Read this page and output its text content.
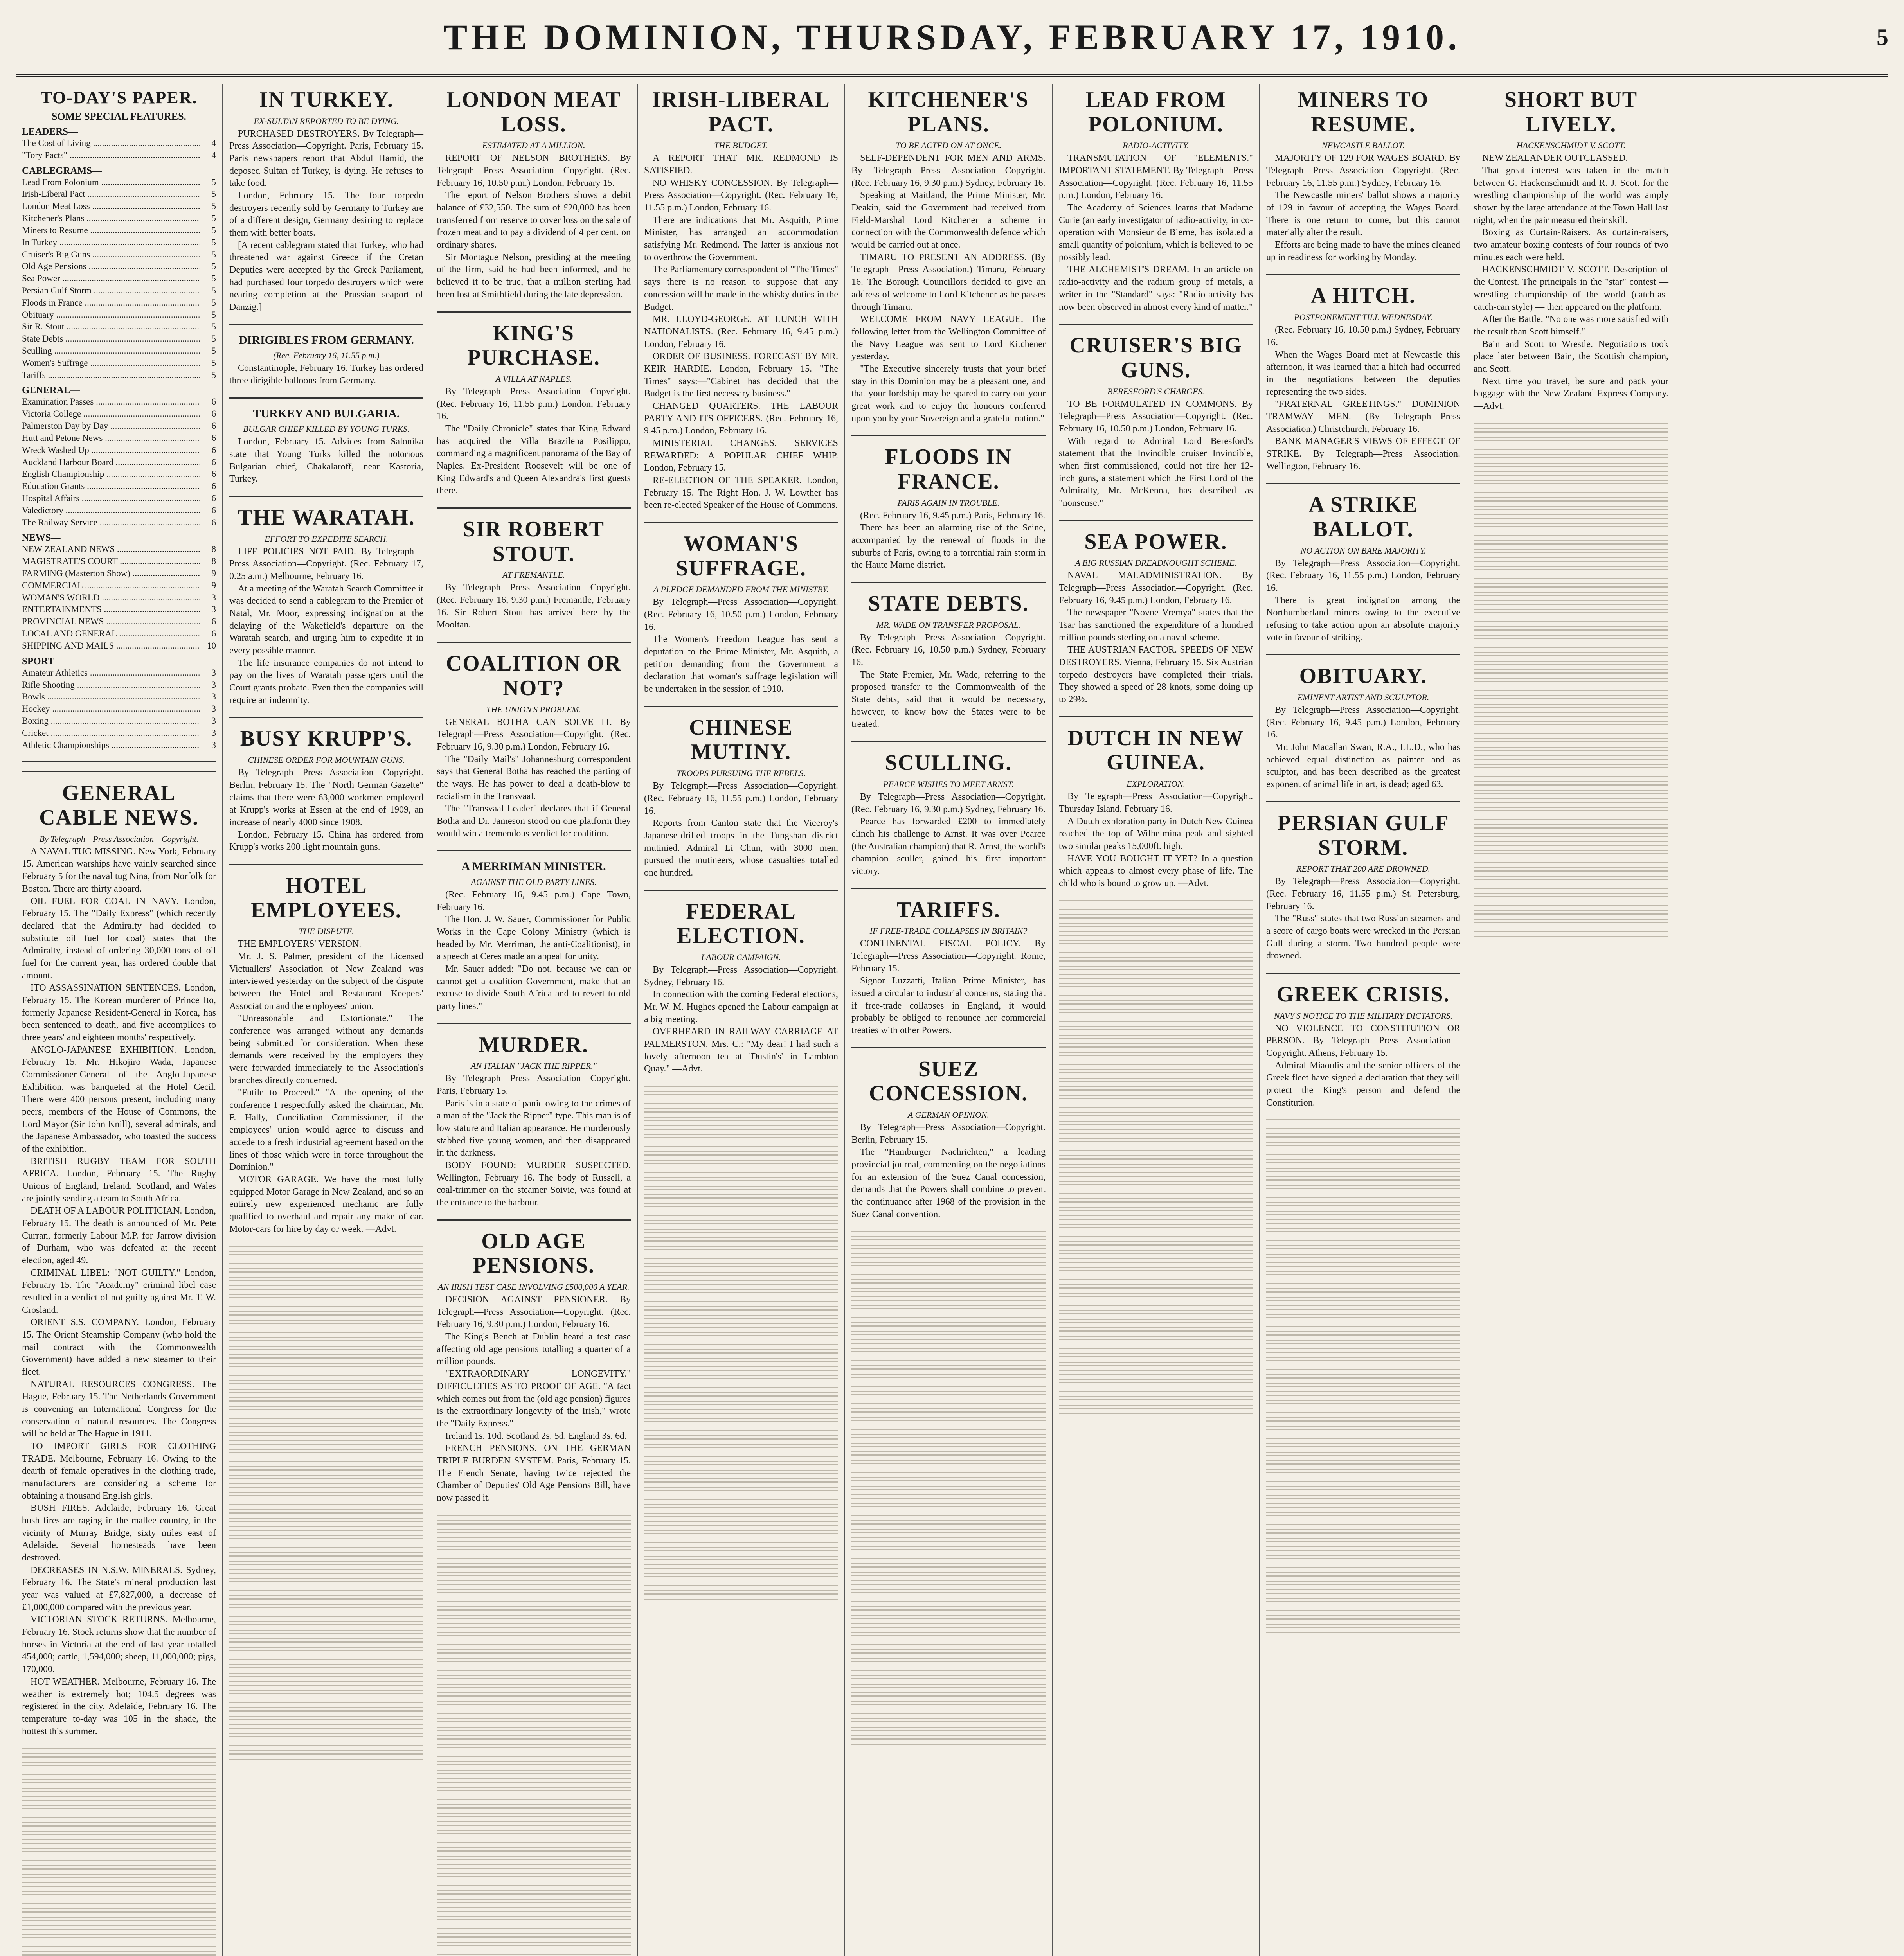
THE DOMINION, THURSDAY, FEBRUARY 17, 1910.	5
TO-DAY'S PAPER.
SOME SPECIAL FEATURES.
LEADERS—
The Cost of Living .....	4
"Tory Pacts" .....	4
CABLEGRAMS—
Lead From Polonium .....	5
Irish-Liberal Pact .....	5
London Meat Loss .....	5
Kitchener's Plans .....	5
Miners to Resume .....	5
In Turkey .....	5
Cruiser's Big Guns .....	5
Old Age Pensions .....	5
Sea Power .....	5
Persian Gulf Storm .....	5
Floods in France .....	5
Obituary .....	5
Sir R. Stout .....	5
State Debts .....	5
Sculling .....	5
Women's Suffrage .....	5
Tariffs .....	5
GENERAL—
Examination Passes .....	6
Victoria College .....	6
Palmerston Day by Day .....	6
Hutt and Petone News .....	6
Wreck Washed Up .....	6
Auckland Harbour Board .....	6
English Championship .....	6
Education Grants .....	6
Hospital Affairs .....	6
Valedictory .....	6
The Railway Service .....	6
NEWS—
NEW ZEALAND NEWS .....	8
MAGISTRATE'S COURT .....	8
FARMING (Masterton Show) .....	9
COMMERCIAL .....	9
WOMAN'S WORLD .....	3
ENTERTAINMENTS .....	3
PROVINCIAL NEWS .....	6
LOCAL AND GENERAL .....	6
SHIPPING AND MAILS .....	10
SPORT—
Amateur Athletics .....	3
Rifle Shooting .....	3
Bowls .....	3
Hockey .....	3
Boxing .....	3
Cricket .....	3
Athletic Championships .....	3
GENERAL CABLE NEWS.
By Telegraph—Press Association—Copyright.

A NAVAL TUG MISSING. New York, February 15. American warships have vainly searched since February 5 for the naval tug Nina, from Norfolk for Boston. There are thirty aboard.

OIL FUEL FOR COAL IN NAVY. London, February 15. The "Daily Express" (which recently declared that the Admiralty had decided to substitute oil fuel for coal) states that the Admiralty, instead of ordering 30,000 tons of oil fuel for the current year, has ordered double that amount.

ITO ASSASSINATION SENTENCES. London, February 15. The Korean murderer of Prince Ito, formerly Japanese Resident-General in Korea, has been sentenced to death, and five accomplices to three years' and eighteen months' respectively.

ANGLO-JAPANESE EXHIBITION. London, February 15. Mr. Hikojiro Wada, Japanese Commissioner-General of the Anglo-Japanese Exhibition, was banqueted at the Hotel Cecil. There were 400 persons present, including many peers, members of the House of Commons, the Lord Mayor (Sir John Knill), several admirals, and the Japanese Ambassador, who toasted the success of the exhibition.

BRITISH RUGBY TEAM FOR SOUTH AFRICA. London, February 15. The Rugby Unions of England, Ireland, Scotland, and Wales are jointly sending a team to South Africa.

DEATH OF A LABOUR POLITICIAN. London, February 15. The death is announced of Mr. Pete Curran, formerly Labour M.P. for Jarrow division of Durham, who was defeated at the recent election, aged 49.

CRIMINAL LIBEL: "NOT GUILTY." London, February 15. The "Academy" criminal libel case resulted in a verdict of not guilty against Mr. T. W. Crosland.

ORIENT S.S. COMPANY. London, February 15. The Orient Steamship Company (who hold the mail contract with the Commonwealth Government) have added a new steamer to their fleet.

NATURAL RESOURCES CONGRESS. The Hague, February 15. The Netherlands Government is convening an International Congress for the conservation of natural resources. The Congress will be held at The Hague in 1911.

TO IMPORT GIRLS FOR CLOTHING TRADE. Melbourne, February 16. Owing to the dearth of female operatives in the clothing trade, manufacturers are considering a scheme for obtaining a thousand English girls.

BUSH FIRES. Adelaide, February 16. Great bush fires are raging in the mallee country, in the vicinity of Murray Bridge, sixty miles east of Adelaide. Several homesteads have been destroyed.

DECREASES IN N.S.W. MINERALS. Sydney, February 16. The State's mineral production last year was valued at £7,827,000, a decrease of £1,000,000 compared with the previous year.

VICTORIAN STOCK RETURNS. Melbourne, February 16. Stock returns show that the number of horses in Victoria at the end of last year totalled 454,000; cattle, 1,594,000; sheep, 11,000,000; pigs, 170,000.

HOT WEATHER. Melbourne, February 16. The weather is extremely hot; 104.5 degrees was registered in the city. Adelaide, February 16. The temperature to-day was 105 in the shade, the hottest this summer.

IN TURKEY.
EX-SULTAN REPORTED TO BE DYING.

PURCHASED DESTROYERS. By Telegraph—Press Association—Copyright. Paris, February 15. Paris newspapers report that Abdul Hamid, the deposed Sultan of Turkey, is dying. He refuses to take food.

London, February 15. The four torpedo destroyers recently sold by Germany to Turkey are of a different design, Germany desiring to replace them with better boats.

[A recent cablegram stated that Turkey, who had threatened war against Greece if the Cretan Deputies were accepted by the Greek Parliament, had purchased four torpedo destroyers which were nearing completion at the Prussian seaport of Danzig.]

DIRIGIBLES FROM GERMANY.
(Rec. February 16, 11.55 p.m.)

Constantinople, February 16. Turkey has ordered three dirigible balloons from Germany.

TURKEY AND BULGARIA.
BULGAR CHIEF KILLED BY YOUNG TURKS.

London, February 15. Advices from Salonika state that Young Turks killed the notorious Bulgarian chief, Chakalaroff, near Kastoria, Turkey.

THE WARATAH.
EFFORT TO EXPEDITE SEARCH.

LIFE POLICIES NOT PAID. By Telegraph—Press Association—Copyright. (Rec. February 17, 0.25 a.m.) Melbourne, February 16.

At a meeting of the Waratah Search Committee it was decided to send a cablegram to the Premier of Natal, Mr. Moor, expressing indignation at the delaying of the Wakefield's departure on the Waratah search, and urging him to expedite it in every possible manner.

The life insurance companies do not intend to pay on the lives of Waratah passengers until the Court grants probate. Even then the companies will require an indemnity.

BUSY KRUPP'S.
CHINESE ORDER FOR MOUNTAIN GUNS.

By Telegraph—Press Association—Copyright. Berlin, February 15. The "North German Gazette" claims that there were 63,000 workmen employed at Krupp's works at Essen at the end of 1909, an increase of nearly 4000 since 1908.

London, February 15. China has ordered from Krupp's works 200 light mountain guns.

HOTEL EMPLOYEES.
THE DISPUTE.

THE EMPLOYERS' VERSION.

Mr. J. S. Palmer, president of the Licensed Victuallers' Association of New Zealand was interviewed yesterday on the subject of the dispute between the Hotel and Restaurant Keepers' Association and the employees' union.

"Unreasonable and Extortionate." The conference was arranged without any demands being submitted for consideration. When these demands were received by the employers they were forwarded immediately to the Association's branches directly concerned.

"Futile to Proceed." "At the opening of the conference I respectfully asked the chairman, Mr. F. Hally, Conciliation Commissioner, if the employees' union would agree to discuss and accede to a fresh industrial agreement based on the lines of those which were in force throughout the Dominion."

MOTOR GARAGE. We have the most fully equipped Motor Garage in New Zealand, and so an entirely new experienced mechanic are fully qualified to overhaul and repair any make of car. Motor-cars for hire by day or week. —Advt.

LONDON MEAT LOSS.
ESTIMATED AT A MILLION.

REPORT OF NELSON BROTHERS. By Telegraph—Press Association—Copyright. (Rec. February 16, 10.50 p.m.) London, February 15.

The report of Nelson Brothers shows a debit balance of £32,550. The sum of £20,000 has been transferred from reserve to cover loss on the sale of frozen meat and to pay a dividend of 4 per cent. on ordinary shares.

Sir Montague Nelson, presiding at the meeting of the firm, said he had been informed, and he believed it to be true, that a million sterling had been lost at Smithfield during the late depression.

KING'S PURCHASE.
A VILLA AT NAPLES.

By Telegraph—Press Association—Copyright. (Rec. February 16, 11.55 p.m.) London, February 16.

The "Daily Chronicle" states that King Edward has acquired the Villa Brazilena Posilippo, commanding a magnificent panorama of the Bay of Naples. Ex-President Roosevelt will be one of King Edward's and Queen Alexandra's first guests there.

SIR ROBERT STOUT.
AT FREMANTLE.

By Telegraph—Press Association—Copyright. (Rec. February 16, 9.30 p.m.) Fremantle, February 16. Sir Robert Stout has arrived here by the Mooltan.

COALITION OR NOT?
THE UNION'S PROBLEM.

GENERAL BOTHA CAN SOLVE IT. By Telegraph—Press Association—Copyright. (Rec. February 16, 9.30 p.m.) London, February 16.

The "Daily Mail's" Johannesburg correspondent says that General Botha has reached the parting of the ways. He has power to deal a death-blow to racialism in the Transvaal.

The "Transvaal Leader" declares that if General Botha and Dr. Jameson stood on one platform they would win a tremendous verdict for coalition.

A MERRIMAN MINISTER.
AGAINST THE OLD PARTY LINES.

(Rec. February 16, 9.45 p.m.) Cape Town, February 16.

The Hon. J. W. Sauer, Commissioner for Public Works in the Cape Colony Ministry (which is headed by Mr. Merriman, the anti-Coalitionist), in a speech at Ceres made an appeal for unity.

Mr. Sauer added: "Do not, because we can or cannot get a coalition Government, make that an excuse to divide South Africa and to revert to old party lines."

MURDER.
AN ITALIAN "JACK THE RIPPER."

By Telegraph—Press Association—Copyright. Paris, February 15.

Paris is in a state of panic owing to the crimes of a man of the "Jack the Ripper" type. This man is of low stature and Italian appearance. He murderously stabbed five young women, and then disappeared in the darkness.

BODY FOUND: MURDER SUSPECTED. Wellington, February 16. The body of Russell, a coal-trimmer on the steamer Soivie, was found at the entrance to the harbour.

OLD AGE PENSIONS.
AN IRISH TEST CASE INVOLVING £500,000 A YEAR.

DECISION AGAINST PENSIONER. By Telegraph—Press Association—Copyright. (Rec. February 16, 9.30 p.m.) London, February 16.

The King's Bench at Dublin heard a test case affecting old age pensions totalling a quarter of a million pounds.

"EXTRAORDINARY LONGEVITY." DIFFICULTIES AS TO PROOF OF AGE. "A fact which comes out from the (old age pension) figures is the extraordinary longevity of the Irish," wrote the "Daily Express."

Ireland 1s. 10d. Scotland 2s. 5d. England 3s. 6d.

FRENCH PENSIONS. ON THE GERMAN TRIPLE BURDEN SYSTEM. Paris, February 15. The French Senate, having twice rejected the Chamber of Deputies' Old Age Pensions Bill, have now passed it.

IRISH-LIBERAL PACT.
THE BUDGET.

A REPORT THAT MR. REDMOND IS SATISFIED.

NO WHISKY CONCESSION. By Telegraph—Press Association—Copyright. (Rec. February 16, 11.55 p.m.) London, February 16.

There are indications that Mr. Asquith, Prime Minister, has arranged an accommodation satisfying Mr. Redmond. The latter is anxious not to overthrow the Government.

The Parliamentary correspondent of "The Times" says there is no reason to suppose that any concession will be made in the whisky duties in the Budget.

MR. LLOYD-GEORGE. AT LUNCH WITH NATIONALISTS. (Rec. February 16, 9.45 p.m.) London, February 16.

ORDER OF BUSINESS. FORECAST BY MR. KEIR HARDIE. London, February 15. "The Times" says:—"Cabinet has decided that the Budget is the first necessary business."

CHANGED QUARTERS. THE LABOUR PARTY AND ITS OFFICERS. (Rec. February 16, 9.45 p.m.) London, February 16.

MINISTERIAL CHANGES. SERVICES REWARDED: A POPULAR CHIEF WHIP. London, February 15.

RE-ELECTION OF THE SPEAKER. London, February 15. The Right Hon. J. W. Lowther has been re-elected Speaker of the House of Commons.

WOMAN'S SUFFRAGE.
A PLEDGE DEMANDED FROM THE MINISTRY.

By Telegraph—Press Association—Copyright. (Rec. February 16, 10.50 p.m.) London, February 16.

The Women's Freedom League has sent a deputation to the Prime Minister, Mr. Asquith, a petition demanding from the Government a declaration that woman's suffrage legislation will be undertaken in the session of 1910.

CHINESE MUTINY.
TROOPS PURSUING THE REBELS.

By Telegraph—Press Association—Copyright. (Rec. February 16, 11.55 p.m.) London, February 16.

Reports from Canton state that the Viceroy's Japanese-drilled troops in the Tungshan district mutinied. Admiral Li Chun, with 3000 men, pursued the mutineers, whose casualties totalled one hundred.

FEDERAL ELECTION.
LABOUR CAMPAIGN.

By Telegraph—Press Association—Copyright. Sydney, February 16.

In connection with the coming Federal elections, Mr. W. M. Hughes opened the Labour campaign at a big meeting.

OVERHEARD IN RAILWAY CARRIAGE AT PALMERSTON. Mrs. C.: "My dear! I had such a lovely afternoon tea at 'Dustin's' in Lambton Quay." —Advt.

KITCHENER'S PLANS.
TO BE ACTED ON AT ONCE.

SELF-DEPENDENT FOR MEN AND ARMS. By Telegraph—Press Association—Copyright. (Rec. February 16, 9.30 p.m.) Sydney, February 16.

Speaking at Maitland, the Prime Minister, Mr. Deakin, said the Government had received from Field-Marshal Lord Kitchener a scheme in connection with the Commonwealth defence which would be carried out at once.

TIMARU TO PRESENT AN ADDRESS. (By Telegraph—Press Association.) Timaru, February 16. The Borough Councillors decided to give an address of welcome to Lord Kitchener as he passes through Timaru.

WELCOME FROM NAVY LEAGUE. The following letter from the Wellington Committee of the Navy League was sent to Lord Kitchener yesterday.

"The Executive sincerely trusts that your brief stay in this Dominion may be a pleasant one, and that your lordship may be spared to carry out your great work and to enjoy the honours conferred upon you by your Sovereign and a grateful nation."

FLOODS IN FRANCE.
PARIS AGAIN IN TROUBLE.

(Rec. February 16, 9.45 p.m.) Paris, February 16.

There has been an alarming rise of the Seine, accompanied by the renewal of floods in the suburbs of Paris, owing to a torrential rain storm in the Haute Marne district.

STATE DEBTS.
MR. WADE ON TRANSFER PROPOSAL.

By Telegraph—Press Association—Copyright. (Rec. February 16, 10.50 p.m.) Sydney, February 16.

The State Premier, Mr. Wade, referring to the proposed transfer to the Commonwealth of the State debts, said that it would be necessary, however, to know how the States were to be treated.

SCULLING.
PEARCE WISHES TO MEET ARNST.

By Telegraph—Press Association—Copyright. (Rec. February 16, 9.30 p.m.) Sydney, February 16.

Pearce has forwarded £200 to immediately clinch his challenge to Arnst. It was over Pearce (the Australian champion) that R. Arnst, the world's champion sculler, gained his first important victory.

TARIFFS.
IF FREE-TRADE COLLAPSES IN BRITAIN?

CONTINENTAL FISCAL POLICY. By Telegraph—Press Association—Copyright. Rome, February 15.

Signor Luzzatti, Italian Prime Minister, has issued a circular to industrial concerns, stating that if free-trade collapses in England, it would probably be obliged to renounce her commercial treaties with other Powers.

SUEZ CONCESSION.
A GERMAN OPINION.

By Telegraph—Press Association—Copyright. Berlin, February 15.

The "Hamburger Nachrichten," a leading provincial journal, commenting on the negotiations for an extension of the Suez Canal concession, demands that the Powers shall combine to prevent the continuance after 1968 of the provision in the Suez Canal convention.

LEAD FROM POLONIUM.
RADIO-ACTIVITY.

TRANSMUTATION OF "ELEMENTS." IMPORTANT STATEMENT. By Telegraph—Press Association—Copyright. (Rec. February 16, 11.55 p.m.) London, February 16.

The Academy of Sciences learns that Madame Curie (an early investigator of radio-activity, in co-operation with Monsieur de Bierne, has isolated a small quantity of polonium, which is believed to be possibly lead.

THE ALCHEMIST'S DREAM. In an article on radio-activity and the radium group of metals, a writer in the "Standard" says: "Radio-activity has now been observed in almost every kind of matter."

CRUISER'S BIG GUNS.
BERESFORD'S CHARGES.

TO BE FORMULATED IN COMMONS. By Telegraph—Press Association—Copyright. (Rec. February 16, 10.50 p.m.) London, February 16.

With regard to Admiral Lord Beresford's statement that the Invincible cruiser Invincible, when first commissioned, could not fire her 12-inch guns, a statement which the First Lord of the Admiralty, Mr. McKenna, has described as "nonsense."

SEA POWER.
A BIG RUSSIAN DREADNOUGHT SCHEME.

NAVAL MALADMINISTRATION. By Telegraph—Press Association—Copyright. (Rec. February 16, 9.45 p.m.) London, February 16.

The newspaper "Novoe Vremya" states that the Tsar has sanctioned the expenditure of a hundred million pounds sterling on a naval scheme.

THE AUSTRIAN FACTOR. SPEEDS OF NEW DESTROYERS. Vienna, February 15. Six Austrian torpedo destroyers have completed their trials. They showed a speed of 28 knots, some doing up to 29½.

DUTCH IN NEW GUINEA.
EXPLORATION.

By Telegraph—Press Association—Copyright. Thursday Island, February 16.

A Dutch exploration party in Dutch New Guinea reached the top of Wilhelmina peak and sighted two similar peaks 15,000ft. high.

HAVE YOU BOUGHT IT YET? In a question which appeals to almost every phase of life. The child who is bound to grow up. —Advt.

MINERS TO RESUME.
NEWCASTLE BALLOT.

MAJORITY OF 129 FOR WAGES BOARD. By Telegraph—Press Association—Copyright. (Rec. February 16, 11.55 p.m.) Sydney, February 16.

The Newcastle miners' ballot shows a majority of 129 in favour of accepting the Wages Board. There is one return to come, but this cannot materially alter the result.

Efforts are being made to have the mines cleaned up in readiness for working by Monday.

A HITCH.
POSTPONEMENT TILL WEDNESDAY.

(Rec. February 16, 10.50 p.m.) Sydney, February 16.

When the Wages Board met at Newcastle this afternoon, it was learned that a hitch had occurred in the negotiations between the deputies representing the two sides.

"FRATERNAL GREETINGS." DOMINION TRAMWAY MEN. (By Telegraph—Press Association.) Christchurch, February 16.

BANK MANAGER'S VIEWS OF EFFECT OF STRIKE. By Telegraph—Press Association. Wellington, February 16.

A STRIKE BALLOT.
NO ACTION ON BARE MAJORITY.

By Telegraph—Press Association—Copyright. (Rec. February 16, 11.55 p.m.) London, February 16.

There is great indignation among the Northumberland miners owing to the executive refusing to take action upon an absolute majority vote in favour of striking.

OBITUARY.
EMINENT ARTIST AND SCULPTOR.

By Telegraph—Press Association—Copyright. (Rec. February 16, 9.45 p.m.) London, February 16.

Mr. John Macallan Swan, R.A., LL.D., who has achieved equal distinction as painter and as sculptor, and has been described as the greatest exponent of animal life in art, is dead; aged 63.

PERSIAN GULF STORM.
REPORT THAT 200 ARE DROWNED.

By Telegraph—Press Association—Copyright. (Rec. February 16, 11.55 p.m.) St. Petersburg, February 16.

The "Russ" states that two Russian steamers and a score of cargo boats were wrecked in the Persian Gulf during a storm. Two hundred people were drowned.

GREEK CRISIS.
NAVY'S NOTICE TO THE MILITARY DICTATORS.

NO VIOLENCE TO CONSTITUTION OR PERSON. By Telegraph—Press Association—Copyright. Athens, February 15.

Admiral Miaoulis and the senior officers of the Greek fleet have signed a declaration that they will protect the King's person and defend the Constitution.

SHORT BUT LIVELY.
HACKENSCHMIDT V. SCOTT.

NEW ZEALANDER OUTCLASSED.

That great interest was taken in the match between G. Hackenschmidt and R. J. Scott for the wrestling championship of the world was amply shown by the large attendance at the Town Hall last night, when the pair measured their skill.

Boxing as Curtain-Raisers. As curtain-raisers, two amateur boxing contests of four rounds of two minutes each were held.

HACKENSCHMIDT V. SCOTT. Description of the Contest. The principals in the "star" contest — wrestling championship of the world (catch-as-catch-can style) — then appeared on the platform.

After the Battle. "No one was more satisfied with the result than Scott himself."

Bain and Scott to Wrestle. Negotiations took place later between Bain, the Scottish champion, and Scott.

Next time you travel, be sure and pack your baggage with the New Zealand Express Company. —Advt.
